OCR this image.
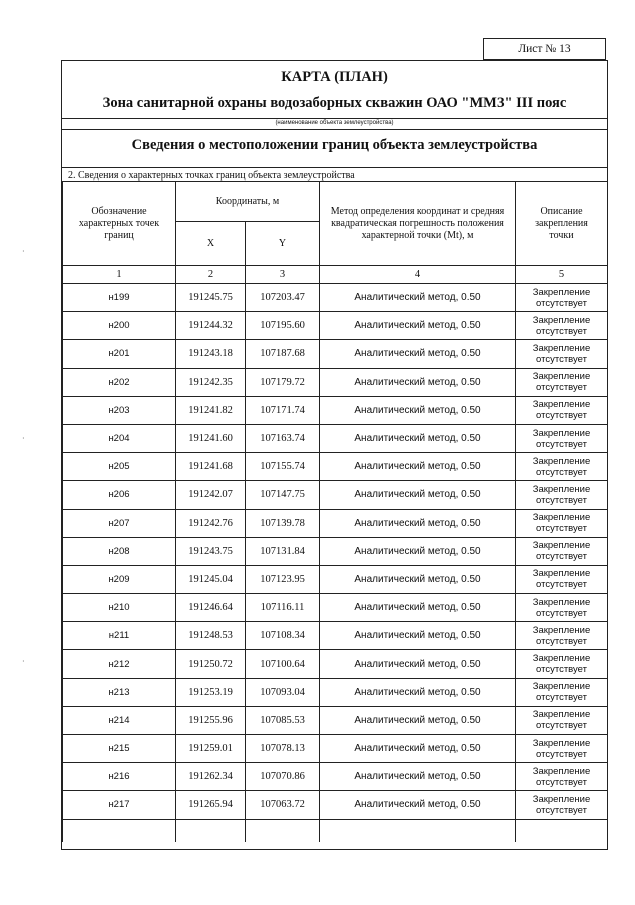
Лист № 13
КАРТА (ПЛАН)
Зона санитарной охраны водозаборных скважин ОАО "ММЗ" III пояс
(наименование объекта землеустройства)
Сведения о местоположении границ объекта землеустройства
2. Сведения о характерных точках границ объекта землеустройства
Обозначение характерных точек границ	Координаты, м		Метод определения координат и средняя квадратическая погрешность положения характерной точки (Mt), м	Описание закрепления точки
	X	Y		
1	2	3	4	5
н199	191245.75	107203.47	Аналитический метод, 0.50	Закрепление отсутствует
н200	191244.32	107195.60	Аналитический метод, 0.50	Закрепление отсутствует
н201	191243.18	107187.68	Аналитический метод, 0.50	Закрепление отсутствует
н202	191242.35	107179.72	Аналитический метод, 0.50	Закрепление отсутствует
н203	191241.82	107171.74	Аналитический метод, 0.50	Закрепление отсутствует
н204	191241.60	107163.74	Аналитический метод, 0.50	Закрепление отсутствует
н205	191241.68	107155.74	Аналитический метод, 0.50	Закрепление отсутствует
н206	191242.07	107147.75	Аналитический метод, 0.50	Закрепление отсутствует
н207	191242.76	107139.78	Аналитический метод, 0.50	Закрепление отсутствует
н208	191243.75	107131.84	Аналитический метод, 0.50	Закрепление отсутствует
н209	191245.04	107123.95	Аналитический метод, 0.50	Закрепление отсутствует
н210	191246.64	107116.11	Аналитический метод, 0.50	Закрепление отсутствует
н211	191248.53	107108.34	Аналитический метод, 0.50	Закрепление отсутствует
н212	191250.72	107100.64	Аналитический метод, 0.50	Закрепление отсутствует
н213	191253.19	107093.04	Аналитический метод, 0.50	Закрепление отсутствует
н214	191255.96	107085.53	Аналитический метод, 0.50	Закрепление отсутствует
н215	191259.01	107078.13	Аналитический метод, 0.50	Закрепление отсутствует
н216	191262.34	107070.86	Аналитический метод, 0.50	Закрепление отсутствует
н217	191265.94	107063.72	Аналитический метод, 0.50	Закрепление отсутствует

·
·
·
